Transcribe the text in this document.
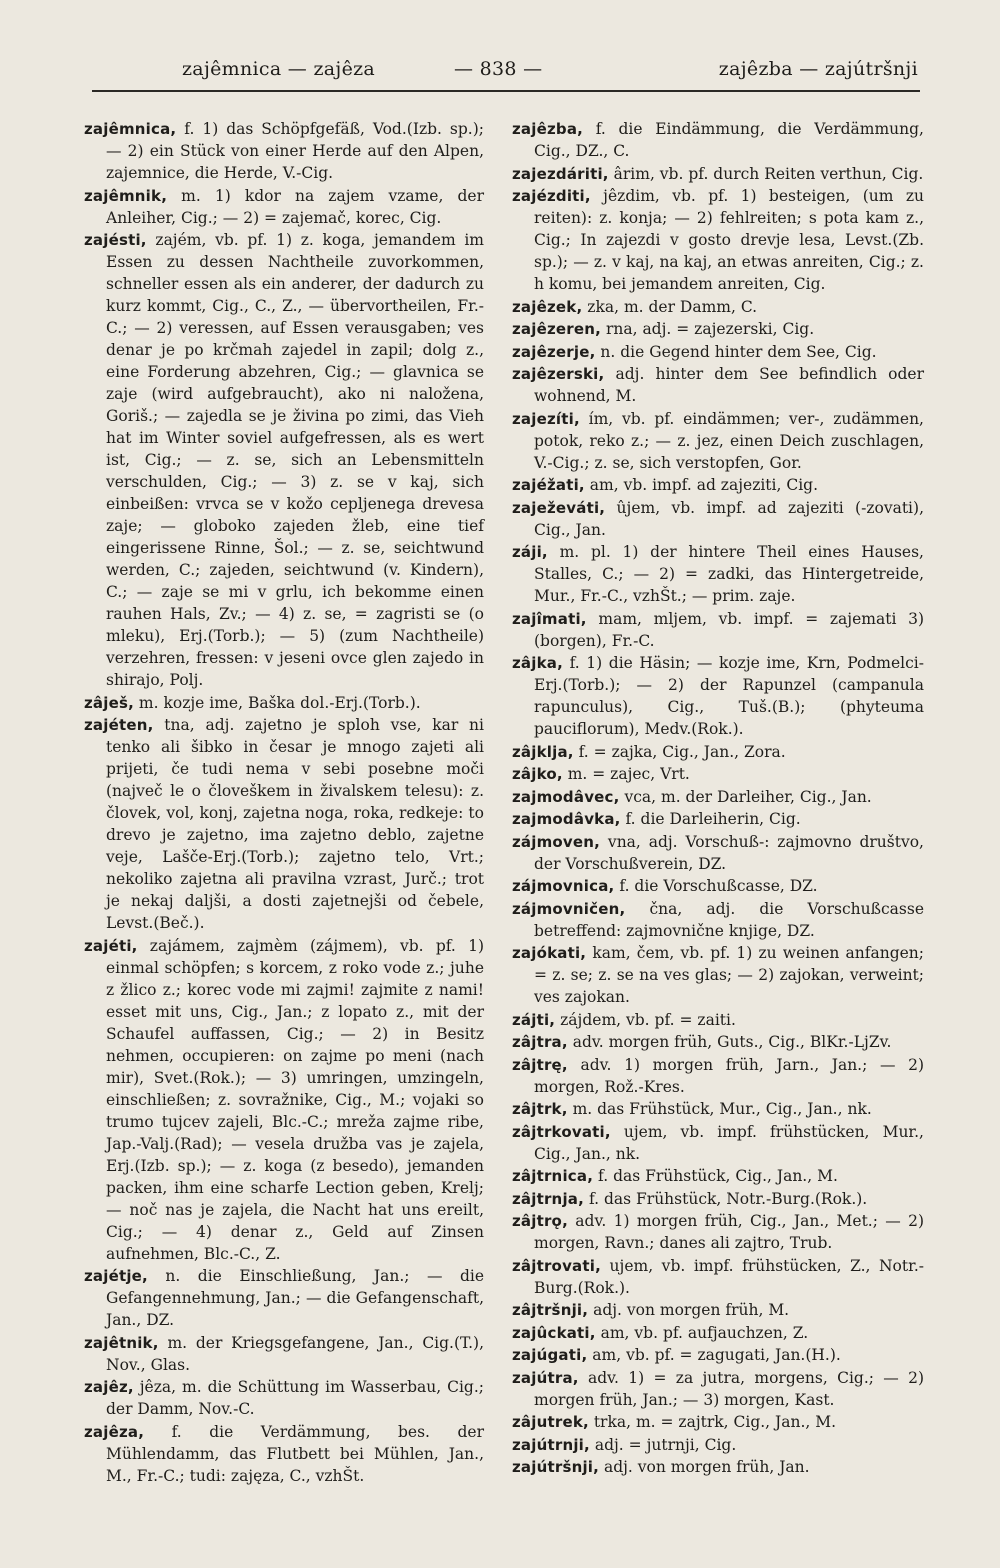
zajêmnica — zajêza	— 838 —	zajêzba — zajútršnji
zajêmnica, f. 1) das Schöpfgefäß, Vod.(Izb. sp.); — 2) ein Stück von einer Herde auf den Alpen, zajemnice, die Herde, V.-Cig.
zajêmnik, m. 1) kdor na zajem vzame, der Anleiher, Cig.; — 2) = zajemač, korec, Cig.
zajésti, zajém, vb. pf. 1) z. koga, jemandem im Essen zu dessen Nachtheile zuvorkommen, schneller essen als ein anderer, der dadurch zu kurz kommt, Cig., C., Z., — übervortheilen, Fr.-C.; — 2) veressen, auf Essen verausgaben; ves denar je po krčmah zajedel in zapil; dolg z., eine Forderung abzehren, Cig.; — glavnica se zaje (wird aufgebraucht), ako ni naložena, Goriš.; — zajedla se je živina po zimi, das Vieh hat im Winter soviel aufgefressen, als es wert ist, Cig.; — z. se, sich an Lebensmitteln verschulden, Cig.; — 3) z. se v kaj, sich einbeißen: vrvca se v kožo cepljenega drevesa zaje; — globoko zajeden žleb, eine tief eingerissene Rinne, Šol.; — z. se, seichtwund werden, C.; zajeden, seichtwund (v. Kindern), C.; — zaje se mi v grlu, ich bekomme einen rauhen Hals, Zv.; — 4) z. se, = zagristi se (o mleku), Erj.(Torb.); — 5) (zum Nachtheile) verzehren, fressen: v jeseni ovce glen zajedo in shirajo, Polj.
zâješ, m. kozje ime, Baška dol.-Erj.(Torb.).
zajéten, tna, adj. zajetno je sploh vse, kar ni tenko ali šibko in česar je mnogo zajeti ali prijeti, če tudi nema v sebi posebne moči (največ le o človeškem in živalskem telesu): z. človek, vol, konj, zajetna noga, roka, redkeje: to drevo je zajetno, ima zajetno deblo, zajetne veje, Lašče-Erj.(Torb.); zajetno telo, Vrt.; nekoliko zajetna ali pravilna vzrast, Jurč.; trot je nekaj daljši, a dosti zajetnejši od čebele, Levst.(Beč.).
zajéti, zajámem, zajmèm (zájmem), vb. pf. 1) einmal schöpfen; s korcem, z roko vode z.; juhe z žlico z.; korec vode mi zajmi! zajmite z nami! esset mit uns, Cig., Jan.; z lopato z., mit der Schaufel auffassen, Cig.; — 2) in Besitz nehmen, occupieren: on zajme po meni (nach mir), Svet.(Rok.); — 3) umringen, umzingeln, einschließen; z. sovražnike, Cig., M.; vojaki so trumo tujcev zajeli, Blc.-C.; mreža zajme ribe, Jap.-Valj.(Rad); — vesela družba vas je zajela, Erj.(Izb. sp.); — z. koga (z besedo), jemanden packen, ihm eine scharfe Lection geben, Krelj; — noč nas je zajela, die Nacht hat uns ereilt, Cig.; — 4) denar z., Geld auf Zinsen aufnehmen, Blc.-C., Z.
zajétje, n. die Einschließung, Jan.; — die Gefangennehmung, Jan.; — die Gefangenschaft, Jan., DZ.
zajêtnik, m. der Kriegsgefangene, Jan., Cig.(T.), Nov., Glas.
zajêz, jêza, m. die Schüttung im Wasserbau, Cig.; der Damm, Nov.-C.
zajêza, f. die Verdämmung, bes. der Mühlendamm, das Flutbett bei Mühlen, Jan., M., Fr.-C.; tudi: zajęza, C., vzhŠt.
zajêzba, f. die Eindämmung, die Verdämmung, Cig., DZ., C.
zajezdáriti, ârim, vb. pf. durch Reiten verthun, Cig.
zajézditi, jêzdim, vb. pf. 1) besteigen, (um zu reiten): z. konja; — 2) fehlreiten; s pota kam z., Cig.; In zajezdi v gosto drevje lesa, Levst.(Zb. sp.); — z. v kaj, na kaj, an etwas anreiten, Cig.; z. h komu, bei jemandem anreiten, Cig.
zajêzek, zka, m. der Damm, C.
zajêzeren, rna, adj. = zajezerski, Cig.
zajêzerje, n. die Gegend hinter dem See, Cig.
zajêzerski, adj. hinter dem See befindlich oder wohnend, M.
zajezíti, ím, vb. pf. eindämmen; ver-, zudämmen, potok, reko z.; — z. jez, einen Deich zuschlagen, V.-Cig.; z. se, sich verstopfen, Gor.
zajéžati, am, vb. impf. ad zajeziti, Cig.
zaježeváti, ûjem, vb. impf. ad zajeziti (-zovati), Cig., Jan.
záji, m. pl. 1) der hintere Theil eines Hauses, Stalles, C.; — 2) = zadki, das Hintergetreide, Mur., Fr.-C., vzhŠt.; — prim. zaje.
zajîmati, mam, mljem, vb. impf. = zajemati 3) (borgen), Fr.-C.
zâjka, f. 1) die Häsin; — kozje ime, Krn, Podmelci-Erj.(Torb.); — 2) der Rapunzel (campanula rapunculus), Cig., Tuš.(B.); (phyteuma pauciflorum), Medv.(Rok.).
zâjklja, f. = zajka, Cig., Jan., Zora.
zâjko, m. = zajec, Vrt.
zajmodâvec, vca, m. der Darleiher, Cig., Jan.
zajmodâvka, f. die Darleiherin, Cig.
zájmoven, vna, adj. Vorschuß-: zajmovno društvo, der Vorschußverein, DZ.
zájmovnica, f. die Vorschußcasse, DZ.
zájmovničen, čna, adj. die Vorschußcasse betreffend: zajmovnične knjige, DZ.
zajókati, kam, čem, vb. pf. 1) zu weinen anfangen; = z. se; z. se na ves glas; — 2) zajokan, verweint; ves zajokan.
zájti, zájdem, vb. pf. = zaiti.
zâjtra, adv. morgen früh, Guts., Cig., BlKr.-LjZv.
zâjtrę, adv. 1) morgen früh, Jarn., Jan.; — 2) morgen, Rož.-Kres.
zâjtrk, m. das Frühstück, Mur., Cig., Jan., nk.
zâjtrkovati, ujem, vb. impf. frühstücken, Mur., Cig., Jan., nk.
zâjtrnica, f. das Frühstück, Cig., Jan., M.
zâjtrnja, f. das Frühstück, Notr.-Burg.(Rok.).
zâjtrǫ, adv. 1) morgen früh, Cig., Jan., Met.; — 2) morgen, Ravn.; danes ali zajtro, Trub.
zâjtrovati, ujem, vb. impf. frühstücken, Z., Notr.-Burg.(Rok.).
zâjtršnji, adj. von morgen früh, M.
zajûckati, am, vb. pf. aufjauchzen, Z.
zajúgati, am, vb. pf. = zagugati, Jan.(H.).
zajútra, adv. 1) = za jutra, morgens, Cig.; — 2) morgen früh, Jan.; — 3) morgen, Kast.
zâjutrek, trka, m. = zajtrk, Cig., Jan., M.
zajútrnji, adj. = jutrnji, Cig.
zajútršnji, adj. von morgen früh, Jan.
